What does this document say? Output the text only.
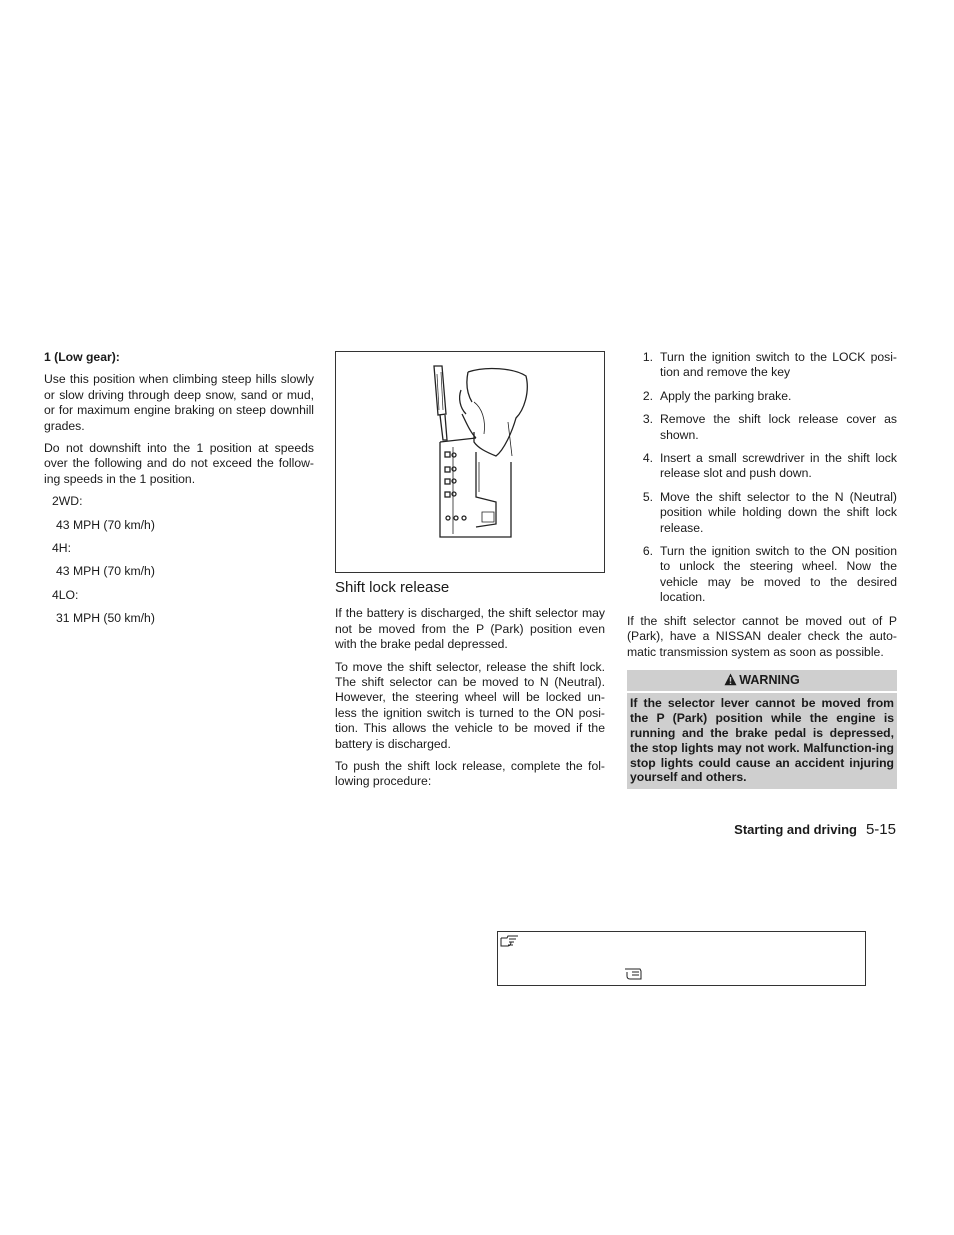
1 (Low gear):

Use this position when climbing steep hills slowly or slow driving through deep snow, sand or mud, or for maximum engine braking on steep downhill grades.

Do not downshift into the 1 position at speeds over the following and do not exceed the follow-ing speeds in the 1 position.

2WD:
43 MPH (70 km/h)
4H:
43 MPH (70 km/h)
4LO:
31 MPH (50 km/h)
Shift lock release

If the battery is discharged, the shift selector may not be moved from the P (Park) position even with the brake pedal depressed.

To move the shift selector, release the shift lock. The shift selector can be moved to N (Neutral). However, the steering wheel will be locked un-less the ignition switch is turned to the ON posi-tion. This allows the vehicle to be moved if the battery is discharged.

To push the shift lock release, complete the fol-lowing procedure:

1. Turn the ignition switch to the LOCK posi-tion and remove the key
2. Apply the parking brake.
3. Remove the shift lock release cover as shown.
4. Insert a small screwdriver in the shift lock release slot and push down.
5. Move the shift selector to the N (Neutral) position while holding down the shift lock release.
6. Turn the ignition switch to the ON position to unlock the steering wheel. Now the vehicle may be moved to the desired location.

If the shift selector cannot be moved out of P (Park), have a NISSAN dealer check the auto-matic transmission system as soon as possible.

WARNING
If the selector lever cannot be moved from the P (Park) position while the engine is running and the brake pedal is depressed, the stop lights may not work. Malfunction-ing stop lights could cause an accident injuring yourself and others.
Starting and driving 5-15
